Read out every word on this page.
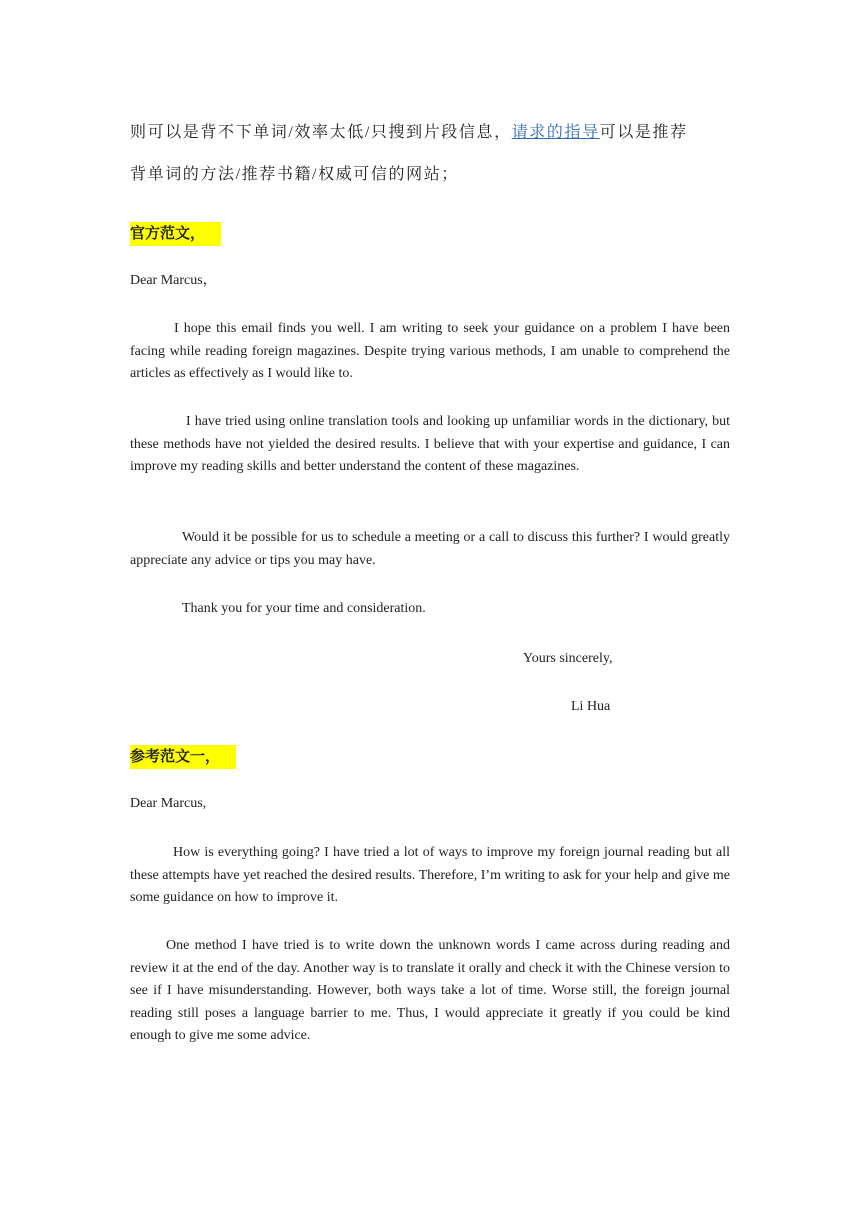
则可以是背不下单词/效率太低/只搜到片段信息，请求的指导可以是推荐
背单词的方法/推荐书籍/权威可信的网站；
官方范文，
Dear Marcus，

I hope this email finds you well. I am writing to seek your guidance on a problem I have been facing while reading foreign magazines. Despite trying various methods, I am unable to comprehend the articles as effectively as I would like to.

I have tried using online translation tools and looking up unfamiliar words in the dictionary, but these methods have not yielded the desired results. I believe that with your expertise and guidance, I can improve my reading skills and better understand the content of these magazines.

Would it be possible for us to schedule a meeting or a call to discuss this further? I would greatly appreciate any advice or tips you may have.

Thank you for your time and consideration.

Yours sincerely,
Li Hua
参考范文一，
Dear Marcus,

How is everything going? I have tried a lot of ways to improve my foreign journal reading but all these attempts have yet reached the desired results. Therefore, I’m writing to ask for your help and give me some guidance on how to improve it.

One method I have tried is to write down the unknown words I came across during reading and review it at the end of the day. Another way is to translate it orally and check it with the Chinese version to see if I have misunderstanding. However, both ways take a lot of time. Worse still, the foreign journal reading still poses a language barrier to me. Thus, I would appreciate it greatly if you could be kind enough to give me some advice.
